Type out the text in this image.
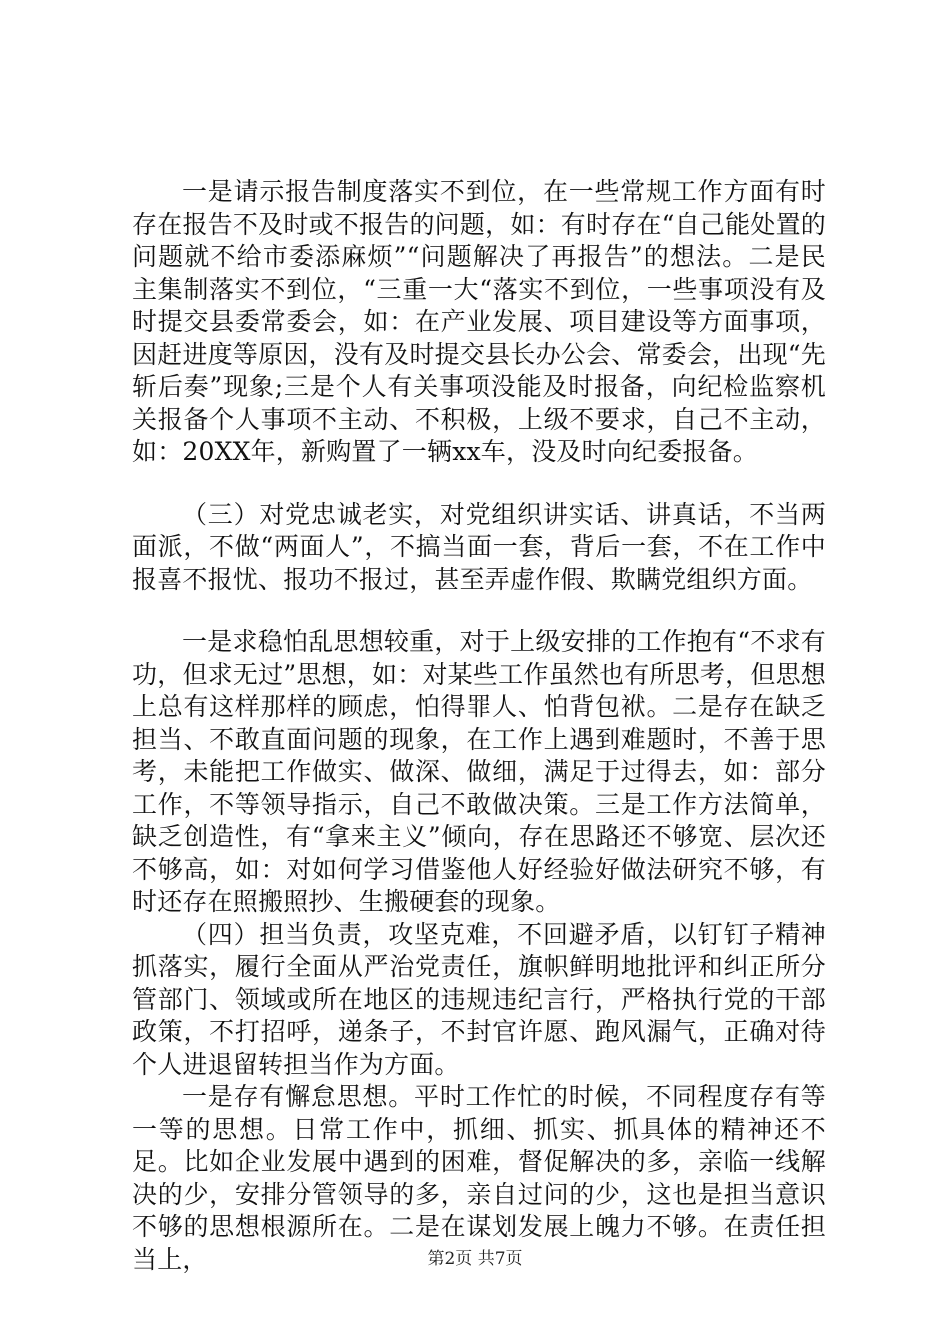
一是请示报告制度落实不到位，在一些常规工作方面有时存在报告不及时或不报告的问题，如：有时存在“自己能处置的问题就不给市委添麻烦”“问题解决了再报告”的想法。二是民主集制落实不到位，“三重一大“落实不到位，一些事项没有及时提交县委常委会，如：在产业发展、项目建设等方面事项，因赶进度等原因，没有及时提交县长办公会、常委会，出现“先斩后奏”现象;三是个人有关事项没能及时报备，向纪检监察机关报备个人事项不主动、不积极，上级不要求，自己不主动，如：20XX年，新购置了一辆xx车，没及时向纪委报备。

（三）对党忠诚老实，对党组织讲实话、讲真话，不当两面派，不做“两面人”，不搞当面一套，背后一套，不在工作中报喜不报忧、报功不报过，甚至弄虚作假、欺瞒党组织方面。

一是求稳怕乱思想较重，对于上级安排的工作抱有“不求有功，但求无过”思想，如：对某些工作虽然也有所思考，但思想上总有这样那样的顾虑，怕得罪人、怕背包袱。二是存在缺乏担当、不敢直面问题的现象，在工作上遇到难题时，不善于思考，未能把工作做实、做深、做细，满足于过得去，如：部分工作，不等领导指示，自己不敢做决策。三是工作方法简单，缺乏创造性，有“拿来主义”倾向，存在思路还不够宽、层次还不够高，如：对如何学习借鉴他人好经验好做法研究不够，有时还存在照搬照抄、生搬硬套的现象。

（四）担当负责，攻坚克难，不回避矛盾，以钉钉子精神抓落实，履行全面从严治党责任，旗帜鲜明地批评和纠正所分管部门、领域或所在地区的违规违纪言行，严格执行党的干部政策，不打招呼，递条子，不封官许愿、跑风漏气，正确对待个人进退留转担当作为方面。

一是存有懈怠思想。平时工作忙的时候，不同程度存有等一等的思想。日常工作中，抓细、抓实、抓具体的精神还不足。比如企业发展中遇到的困难，督促解决的多，亲临一线解决的少，安排分管领导的多，亲自过问的少，这也是担当意识不够的思想根源所在。二是在谋划发展上魄力不够。在责任担当上，	第2页 共7页
